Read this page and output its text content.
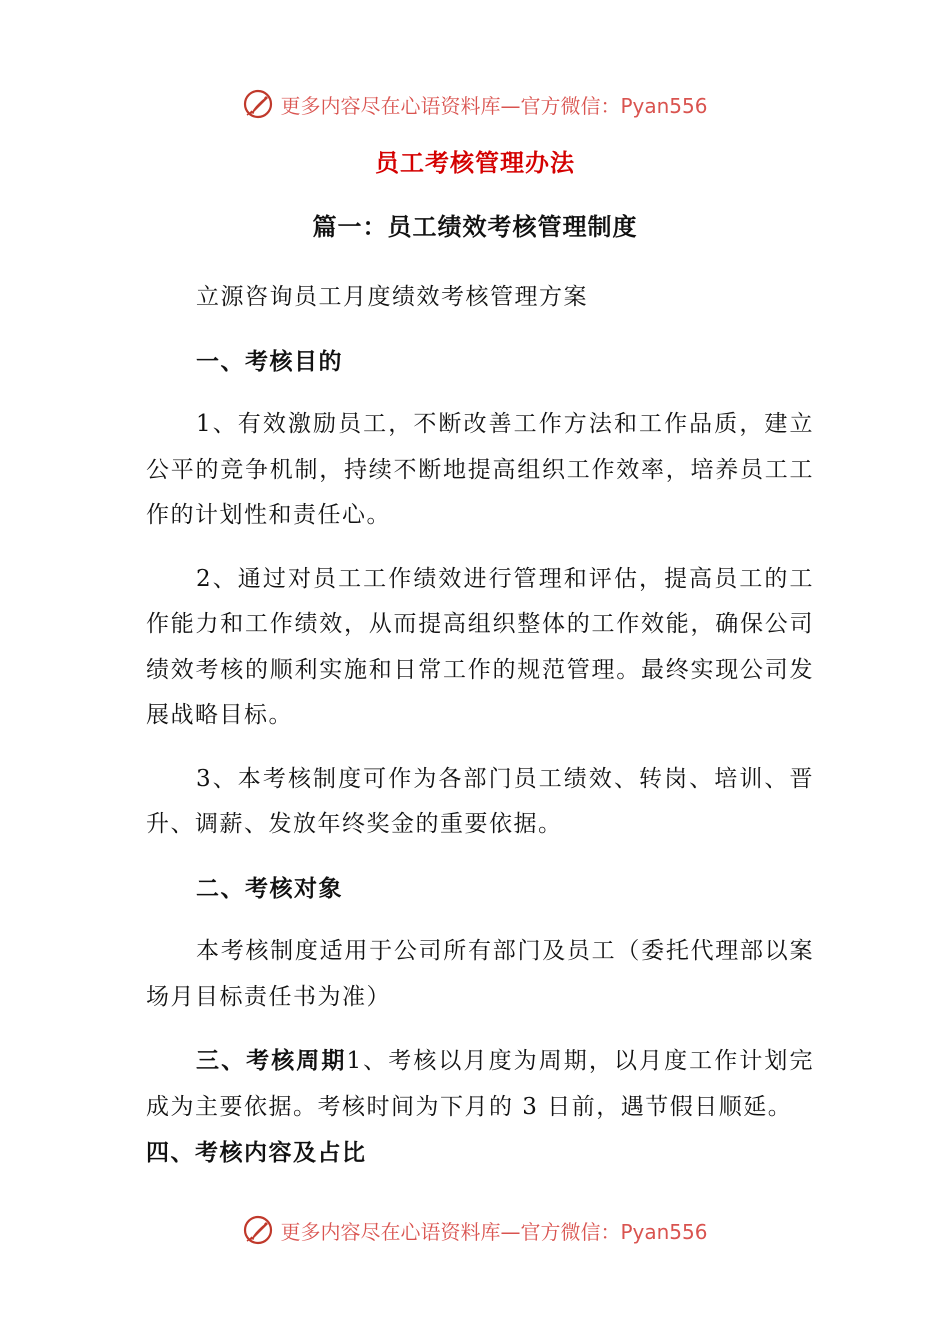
更多内容尽在心语资料库—官方微信：Pyan556
员工考核管理办法
篇一：员工绩效考核管理制度

立源咨询员工月度绩效考核管理方案

一、考核目的

1、有效激励员工，不断改善工作方法和工作品质，建立公平的竞争机制，持续不断地提高组织工作效率，培养员工工作的计划性和责任心。

2、通过对员工工作绩效进行管理和评估，提高员工的工作能力和工作绩效，从而提高组织整体的工作效能，确保公司绩效考核的顺利实施和日常工作的规范管理。最终实现公司发展战略目标。

3、本考核制度可作为各部门员工绩效、转岗、培训、晋升、调薪、发放年终奖金的重要依据。

二、考核对象

本考核制度适用于公司所有部门及员工（委托代理部以案场月目标责任书为准）

三、考核周期1、考核以月度为周期，以月度工作计划完成为主要依据。考核时间为下月的 3 日前，遇节假日顺延。

四、考核内容及占比

更多内容尽在心语资料库—官方微信：Pyan556
